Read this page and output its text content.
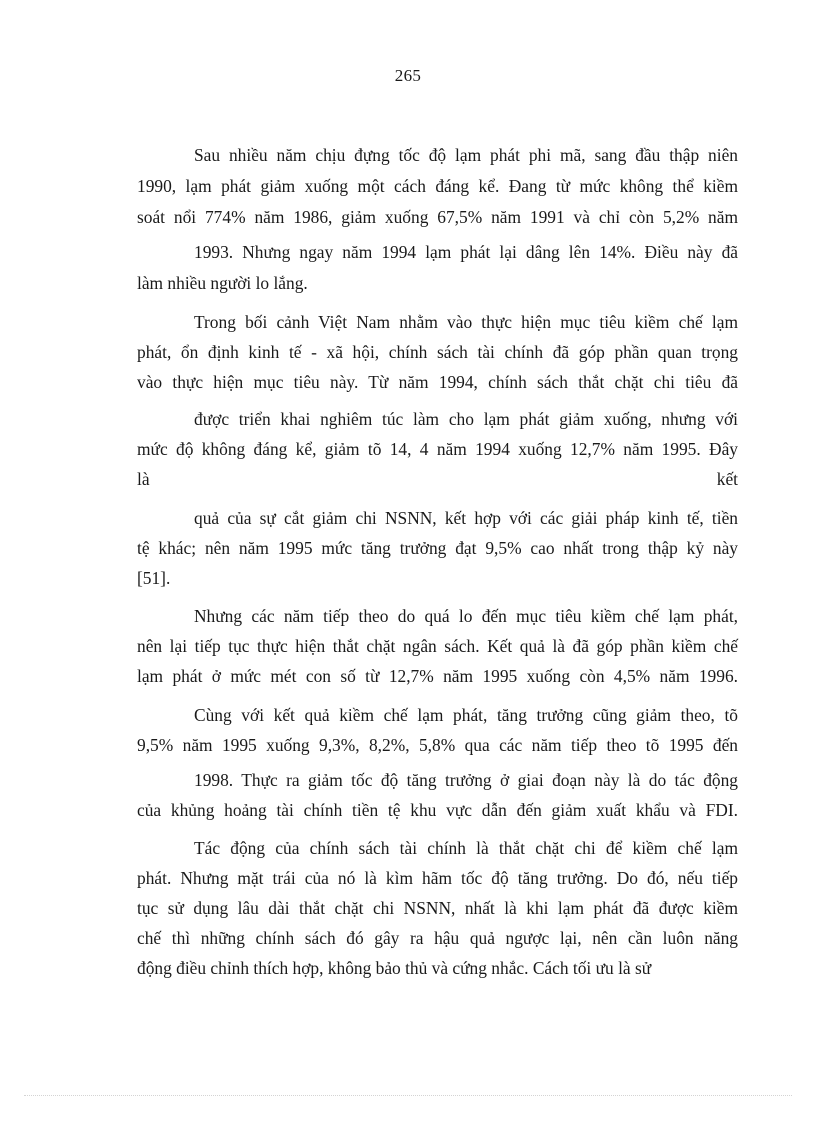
265
Sau nhiều năm chịu đựng tốc độ lạm phát phi mã, sang đầu thập niên
1990, lạm phát giảm xuống một cách đáng kể. Đang từ mức không thể kiềm
soát nổi 774% năm 1986, giảm xuống 67,5% năm 1991 và chỉ còn 5,2% năm
1993. Nhưng ngay năm 1994 lạm phát lại dâng lên 14%. Điều này đã
làm nhiều người lo lắng.
Trong bối cảnh Việt Nam nhằm vào thực hiện mục tiêu kiềm chế lạm
phát, ổn định kinh tế - xã hội, chính sách tài chính đã góp phần quan trọng
vào thực hiện mục tiêu này. Từ năm 1994, chính sách thắt chặt chi tiêu đã
được triển khai nghiêm túc làm cho lạm phát giảm xuống, nhưng với
mức độ không đáng kể, giảm tõ 14, 4 năm 1994 xuống 12,7% năm 1995. Đây
là	kết
quả của sự cắt giảm chi NSNN, kết hợp với các giải pháp kinh tế, tiền
tệ khác; nên năm 1995 mức tăng trưởng đạt 9,5% cao nhất trong thập kỷ này
[51].
Nhưng các năm tiếp theo do quá lo đến mục tiêu kiềm chế lạm phát,
nên lại tiếp tục thực hiện thắt chặt ngân sách. Kết quả là đã góp phần kiềm chế
lạm phát ở mức mét con số từ 12,7% năm 1995 xuống còn 4,5% năm 1996.
Cùng với kết quả kiềm chế lạm phát, tăng trưởng cũng giảm theo, tõ
9,5% năm 1995 xuống 9,3%, 8,2%, 5,8% qua các năm tiếp theo tõ 1995 đến
1998. Thực ra giảm tốc độ tăng trưởng ở giai đoạn này là do tác động
của khủng hoảng tài chính tiền tệ khu vực dẫn đến giảm xuất khẩu và FDI.
Tác động của chính sách tài chính là thắt chặt chi để kiềm chế lạm
phát. Nhưng mặt trái của nó là kìm hãm tốc độ tăng trưởng. Do đó, nếu tiếp
tục sử dụng lâu dài thắt chặt chi NSNN, nhất là khi lạm phát đã được kiềm
chế thì những chính sách đó gây ra hậu quả ngược lại, nên cần luôn năng
động điều chỉnh thích hợp, không bảo thủ và cứng nhắc. Cách tối ưu là sử
